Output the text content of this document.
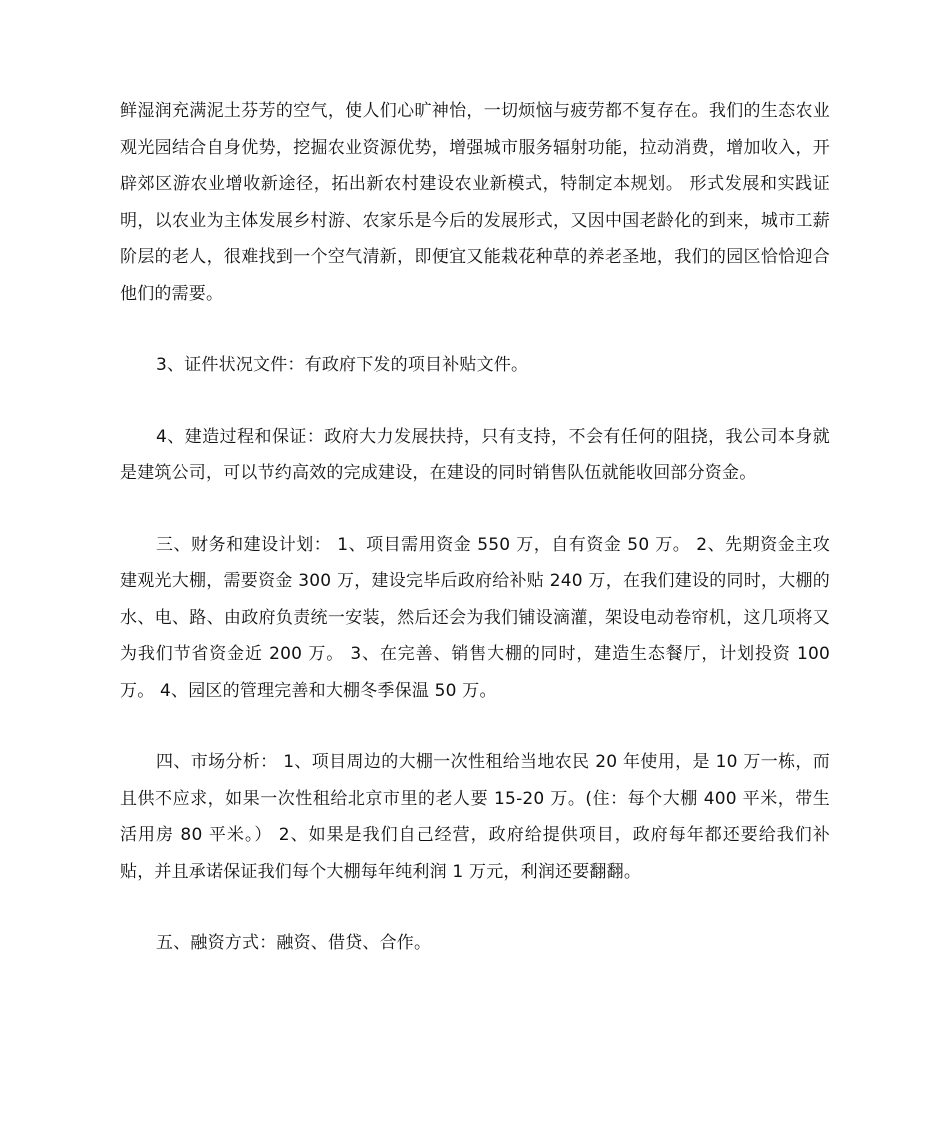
鲜湿润充满泥土芬芳的空气，使人们心旷神怡，一切烦恼与疲劳都不复存在。我们的生态农业观光园结合自身优势，挖掘农业资源优势，增强城市服务辐射功能，拉动消费，增加收入，开辟郊区游农业增收新途径，拓出新农村建设农业新模式，特制定本规划。 形式发展和实践证明，以农业为主体发展乡村游、农家乐是今后的发展形式，又因中国老龄化的到来，城市工薪阶层的老人，很难找到一个空气清新，即便宜又能栽花种草的养老圣地，我们的园区恰恰迎合他们的需要。

3、证件状况文件：有政府下发的项目补贴文件。

4、建造过程和保证：政府大力发展扶持，只有支持，不会有任何的阻挠，我公司本身就是建筑公司，可以节约高效的完成建设，在建设的同时销售队伍就能收回部分资金。

三、财务和建设计划： 1、项目需用资金 550 万，自有资金 50 万。 2、先期资金主攻建观光大棚，需要资金 300 万，建设完毕后政府给补贴 240 万，在我们建设的同时，大棚的水、电、路、由政府负责统一安装，然后还会为我们铺设滴灌，架设电动卷帘机，这几项将又为我们节省资金近 200 万。 3、在完善、销售大棚的同时，建造生态餐厅，计划投资 100 万。 4、园区的管理完善和大棚冬季保温 50 万。

四、市场分析： 1、项目周边的大棚一次性租给当地农民 20 年使用，是 10 万一栋，而且供不应求，如果一次性租给北京市里的老人要 15-20 万。(住：每个大棚 400 平米，带生活用房 80 平米。） 2、如果是我们自己经营，政府给提供项目，政府每年都还要给我们补贴，并且承诺保证我们每个大棚每年纯利润 1 万元，利润还要翻翻。

五、融资方式：融资、借贷、合作。
